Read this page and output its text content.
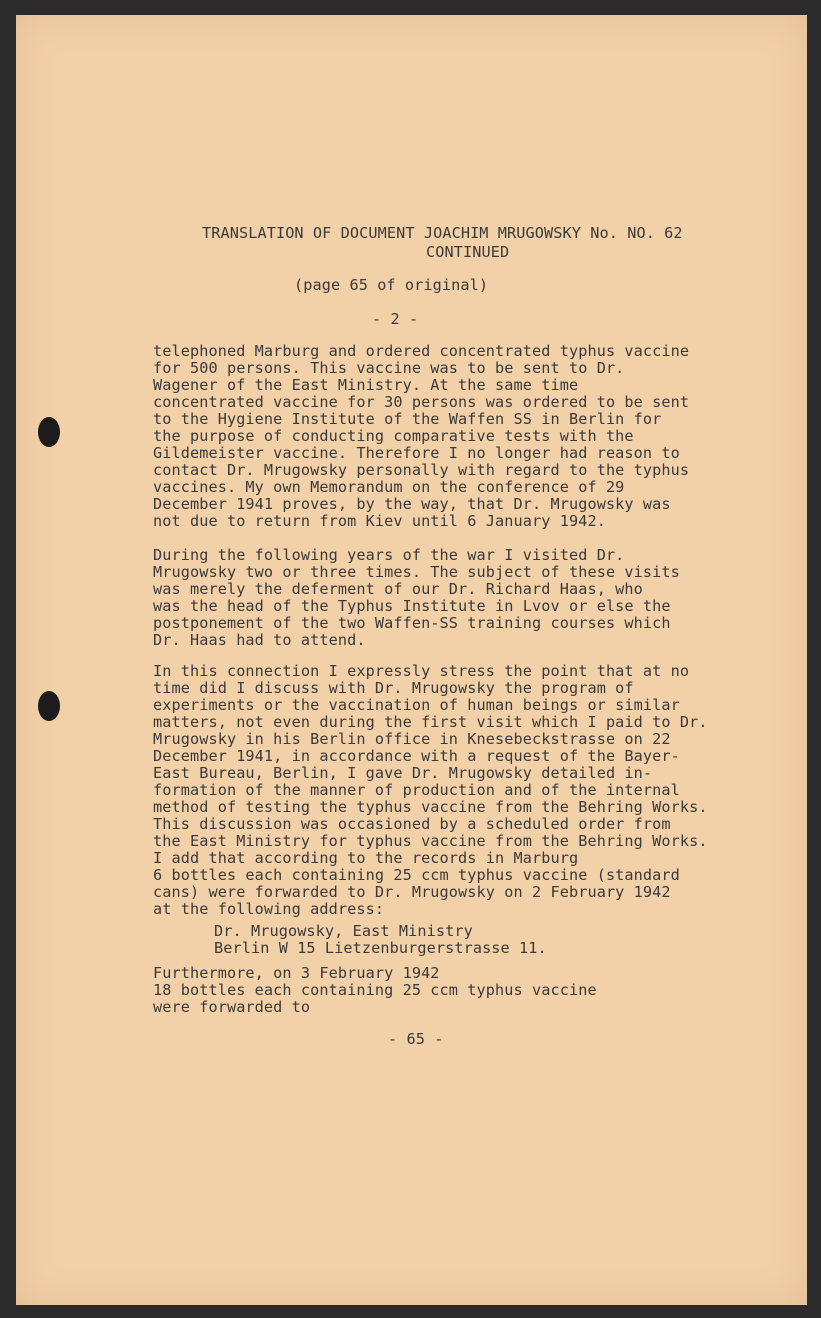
TRANSLATION OF DOCUMENT JOACHIM MRUGOWSKY No. NO. 62
CONTINUED
(page 65 of original)
- 2 -
telephoned Marburg and ordered concentrated typhus vaccine
for 500 persons. This vaccine was to be sent to Dr.
Wagener of the East Ministry. At the same time
concentrated vaccine for 30 persons was ordered to be sent
to the Hygiene Institute of the Waffen SS in Berlin for
the purpose of conducting comparative tests with the
Gildemeister vaccine. Therefore I no longer had reason to
contact Dr. Mrugowsky personally with regard to the typhus
vaccines. My own Memorandum on the conference of 29
December 1941 proves, by the way, that Dr. Mrugowsky was
not due to return from Kiev until 6 January 1942.
During the following years of the war I visited Dr.
Mrugowsky two or three times. The subject of these visits
was merely the deferment of our Dr. Richard Haas, who
was the head of the Typhus Institute in Lvov or else the
postponement of the two Waffen-SS training courses which
Dr. Haas had to attend.
In this connection I expressly stress the point that at no
time did I discuss with Dr. Mrugowsky the program of
experiments or the vaccination of human beings or similar
matters, not even during the first visit which I paid to Dr.
Mrugowsky in his Berlin office in Knesebeckstrasse on 22
December 1941, in accordance with a request of the Bayer-
East Bureau, Berlin, I gave Dr. Mrugowsky detailed in-
formation of the manner of production and of the internal
method of testing the typhus vaccine from the Behring Works.
This discussion was occasioned by a scheduled order from
the East Ministry for typhus vaccine from the Behring Works.
I add that according to the records in Marburg
6 bottles each containing 25 ccm typhus vaccine (standard
cans) were forwarded to Dr. Mrugowsky on 2 February 1942
at the following address:
Dr. Mrugowsky, East Ministry
Berlin W 15 Lietzenburgerstrasse 11.
Furthermore, on 3 February 1942
18 bottles each containing 25 ccm typhus vaccine
were forwarded to
- 65 -
